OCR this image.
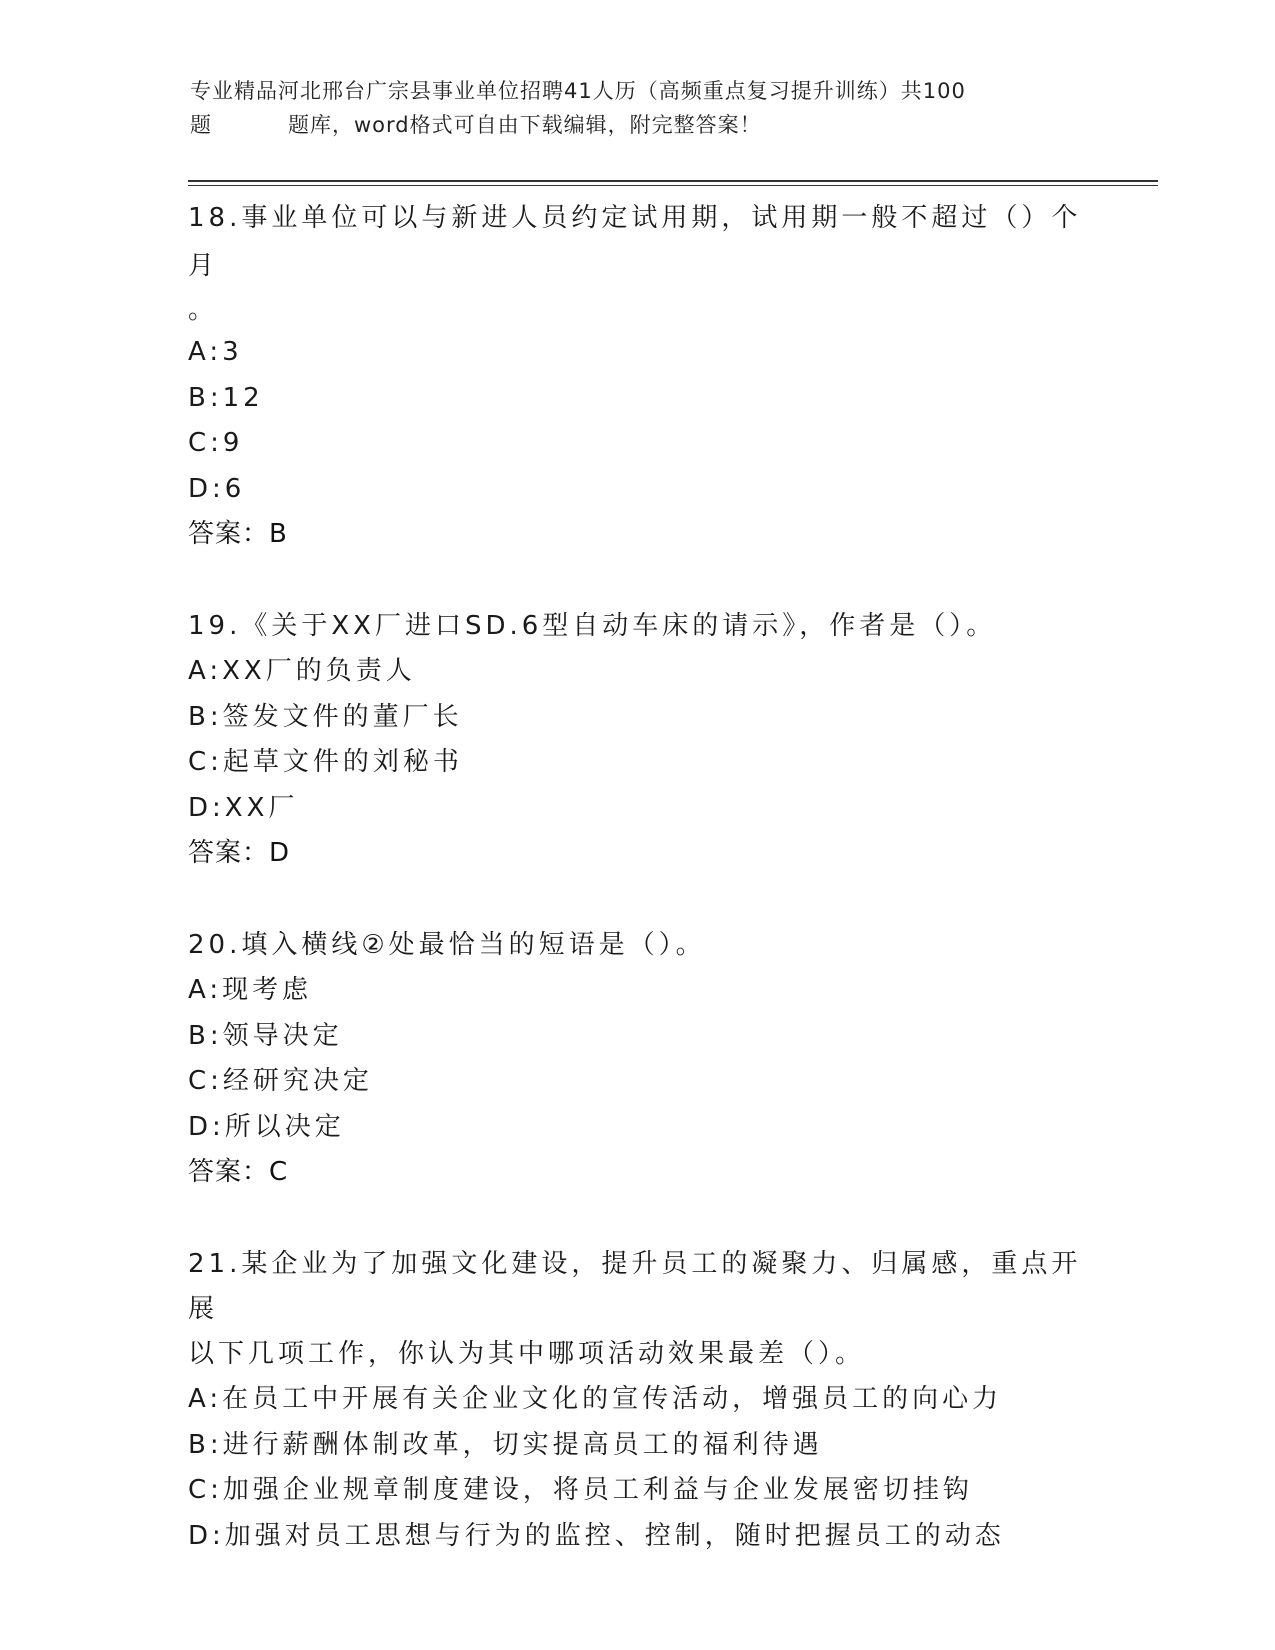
专业精品河北邢台广宗县事业单位招聘41人历（高频重点复习提升训练）共100
题	题库，word格式可自由下载编辑，附完整答案！
18.事业单位可以与新进人员约定试用期，试用期一般不超过（）个月
。
A:3
B:12
C:9
D:6
答案：B
19.《关于XX厂进口SD.6型自动车床的请示》，作者是（）。
A:XX厂的负责人
B:签发文件的董厂长
C:起草文件的刘秘书
D:XX厂
答案：D
20.填入横线②处最恰当的短语是（）。
A:现考虑
B:领导决定
C:经研究决定
D:所以决定
答案：C
21.某企业为了加强文化建设，提升员工的凝聚力、归属感，重点开展
以下几项工作，你认为其中哪项活动效果最差（）。
A:在员工中开展有关企业文化的宣传活动，增强员工的向心力
B:进行薪酬体制改革，切实提高员工的福利待遇
C:加强企业规章制度建设，将员工利益与企业发展密切挂钩
D:加强对员工思想与行为的监控、控制，随时把握员工的动态
